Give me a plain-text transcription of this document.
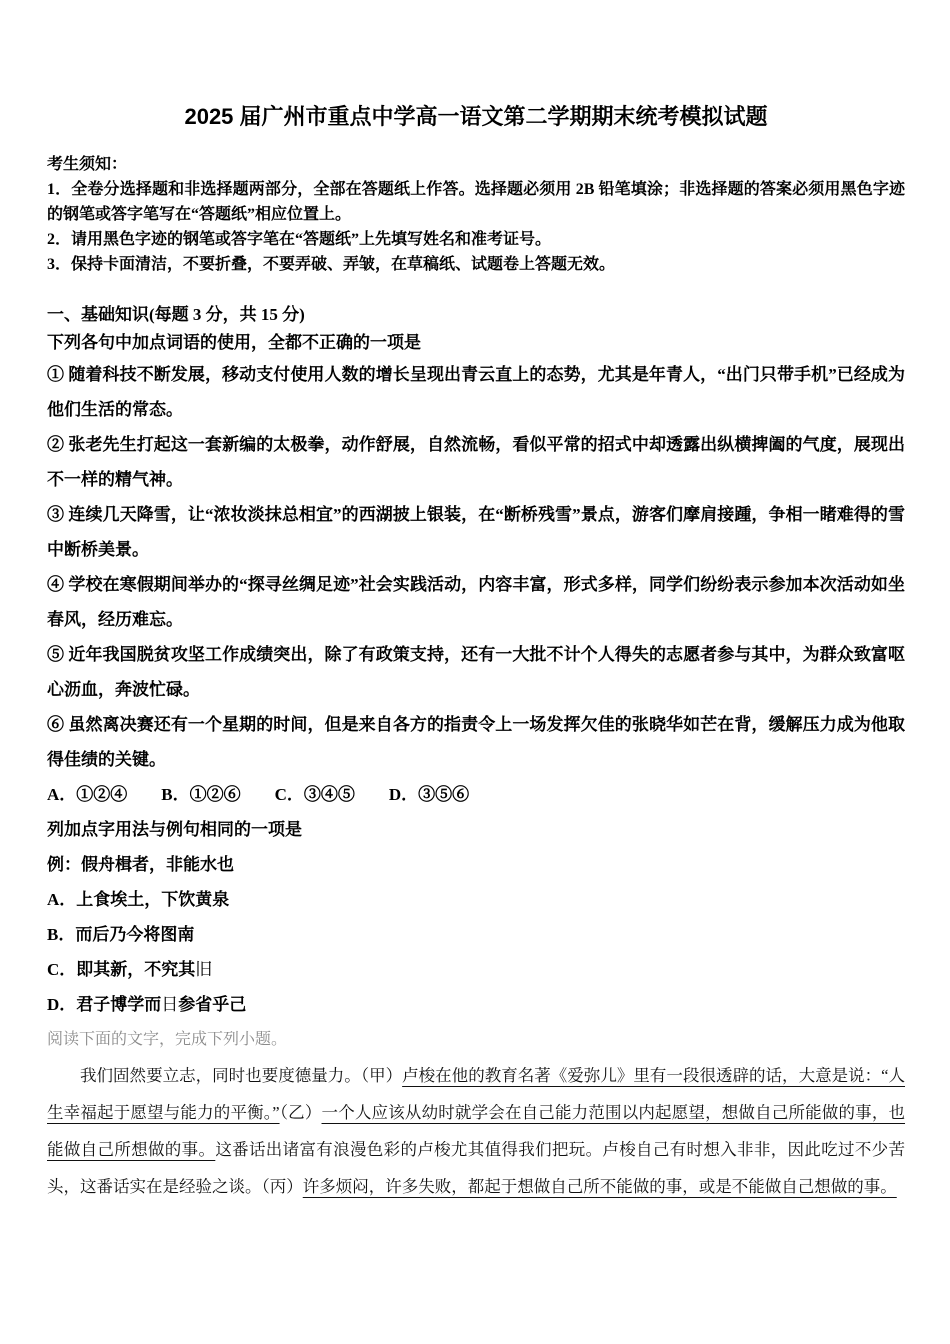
2025 届广州市重点中学高一语文第二学期期末统考模拟试题

考生须知：

1．全卷分选择题和非选择题两部分，全部在答题纸上作答。选择题必须用 2B 铅笔填涂；非选择题的答案必须用黑色字迹的钢笔或答字笔写在“答题纸”相应位置上。

2．请用黑色字迹的钢笔或答字笔在“答题纸”上先填写姓名和准考证号。

3．保持卡面清洁，不要折叠，不要弄破、弄皱，在草稿纸、试题卷上答题无效。

一、基础知识(每题 3 分，共 15 分)

下列各句中加点词语的使用，全都不正确的一项是

① 随着科技不断发展，移动支付使用人数的增长呈现出青云直上的态势，尤其是年青人，“出门只带手机”已经成为他们生活的常态。

② 张老先生打起这一套新编的太极拳，动作舒展，自然流畅，看似平常的招式中却透露出纵横捭阖的气度，展现出不一样的精气神。

③ 连续几天降雪，让“浓妆淡抹总相宜”的西湖披上银装，在“断桥残雪”景点，游客们摩肩接踵，争相一睹难得的雪中断桥美景。

④ 学校在寒假期间举办的“探寻丝绸足迹”社会实践活动，内容丰富，形式多样，同学们纷纷表示参加本次活动如坐春风，经历难忘。

⑤ 近年我国脱贫攻坚工作成绩突出，除了有政策支持，还有一大批不计个人得失的志愿者参与其中，为群众致富呕心沥血，奔波忙碌。

⑥ 虽然离决赛还有一个星期的时间，但是来自各方的指责令上一场发挥欠佳的张晓华如芒在背，缓解压力成为他取得佳绩的关键。

A．①②④　　B．①②⑥　　C．③④⑤　　D．③⑤⑥

列加点字用法与例句相同的一项是

例：假舟楫者，非能水也

A．上食埃土，下饮黄泉

B．而后乃今将图南

C．即其新，不究其旧

D．君子博学而日参省乎己

阅读下面的文字，完成下列小题。

我们固然要立志，同时也要度德量力。（甲）卢梭在他的教育名著《爱弥儿》里有一段很透辟的话，大意是说：“人生幸福起于愿望与能力的平衡。”（乙）一个人应该从幼时就学会在自己能力范围以内起愿望，想做自己所能做的事，也能做自己所想做的事。这番话出诸富有浪漫色彩的卢梭尤其值得我们把玩。卢梭自己有时想入非非，因此吃过不少苦头，这番话实在是经验之谈。（丙）许多烦闷，许多失败，都起于想做自己所不能做的事，或是不能做自己想做的事。
